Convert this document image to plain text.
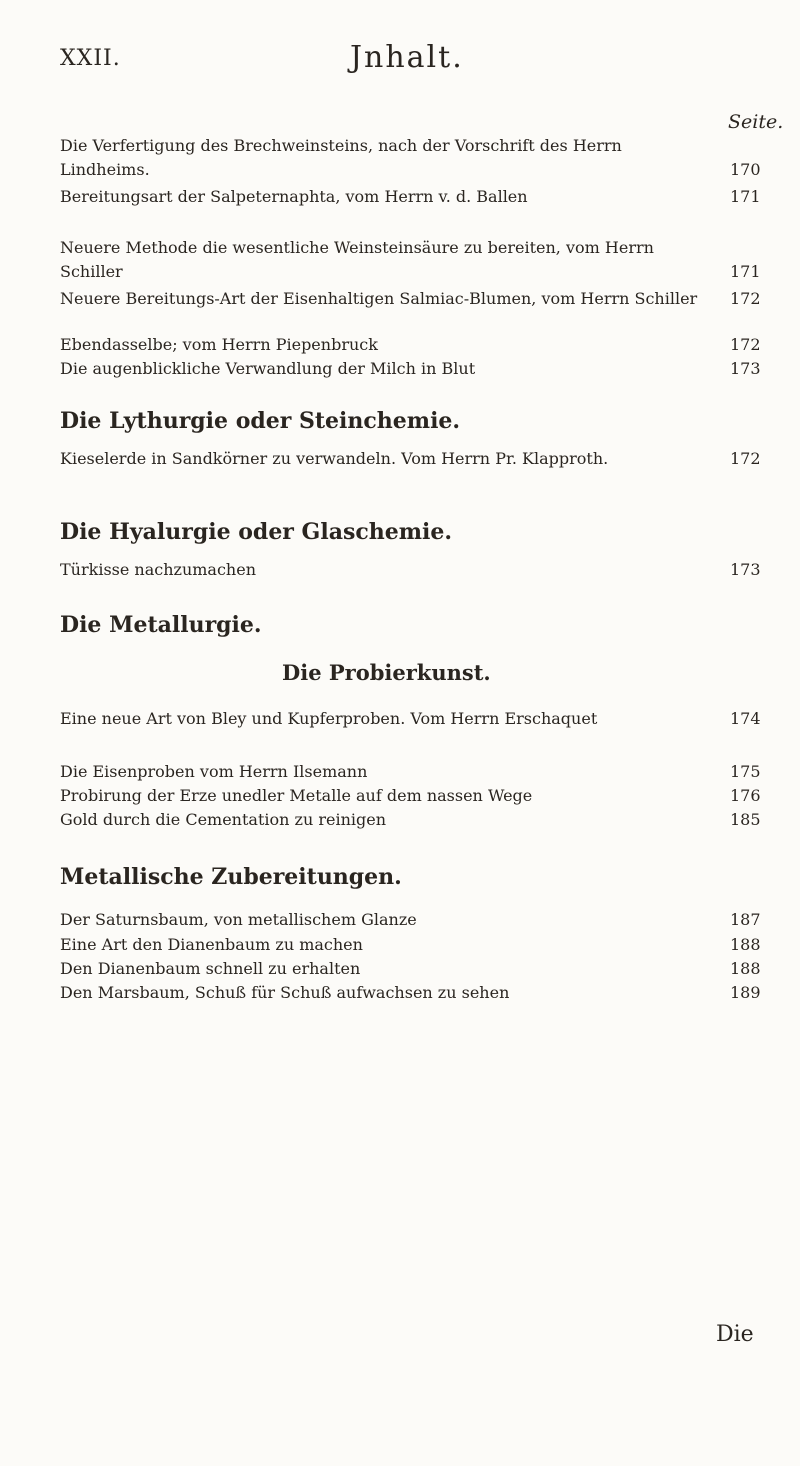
XXII.	Jnhalt.
Seite.
Die Verfertigung des Brechweinsteins, nach der Vorschrift des Herrn Lindheims.	170
Bereitungsart der Salpeternaphta, vom Herrn v. d. Ballen	171
Neuere Methode die wesentliche Weinsteinsäure zu bereiten, vom Herrn Schiller	171
Neuere Bereitungs-Art der Eisenhaltigen Salmiac-Blumen, vom Herrn Schiller 172
Ebendasselbe; vom Herrn Piepenbruck	172
Die augenblickliche Verwandlung der Milch in Blut	173
Die Lythurgie oder Steinchemie.
Kieselerde in Sandkörner zu verwandeln. Vom Herrn Pr. Klapproth.	172
Die Hyalurgie oder Glaschemie.
Türkisse nachzumachen	173
Die Metallurgie.
Die Probierkunst.
Eine neue Art von Bley und Kupferproben. Vom Herrn Erschaquet	174
Die Eisenproben vom Herrn Ilsemann	175
Probirung der Erze unedler Metalle auf dem nassen Wege	176
Gold durch die Cementation zu reinigen	185
Metallische Zubereitungen.
Der Saturnsbaum, von metallischem Glanze	187
Eine Art den Dianenbaum zu machen	188
Den Dianenbaum schnell zu erhalten	188
Den Marsbaum, Schuß für Schuß aufwachsen zu sehen	189
Die
